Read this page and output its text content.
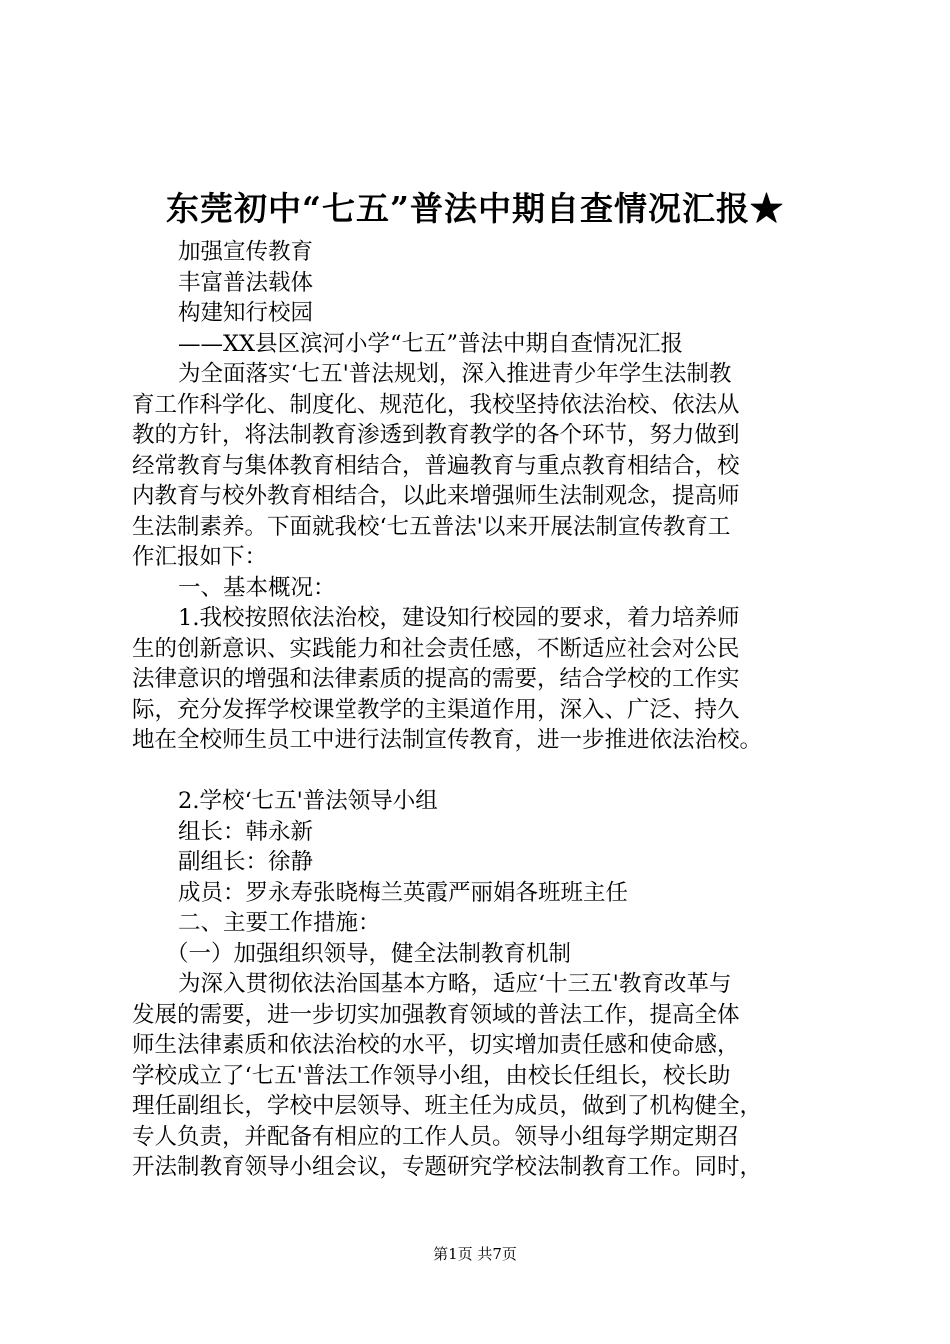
东莞初中“七五”普法中期自查情况汇报★
加强宣传教育
丰富普法载体
构建知行校园
——XX县区滨河小学“七五”普法中期自查情况汇报
为全面落实‘七五'普法规划，深入推进青少年学生法制教
育工作科学化、制度化、规范化，我校坚持依法治校、依法从
教的方针，将法制教育渗透到教育教学的各个环节，努力做到
经常教育与集体教育相结合，普遍教育与重点教育相结合，校
内教育与校外教育相结合，以此来增强师生法制观念，提高师
生法制素养。下面就我校‘七五普法'以来开展法制宣传教育工
作汇报如下：
一、基本概况：
1.我校按照依法治校，建设知行校园的要求，着力培养师
生的创新意识、实践能力和社会责任感，不断适应社会对公民
法律意识的增强和法律素质的提高的需要，结合学校的工作实
际，充分发挥学校课堂教学的主渠道作用，深入、广泛、持久
地在全校师生员工中进行法制宣传教育，进一步推进依法治校。
2.学校‘七五'普法领导小组
组长：韩永新
副组长：徐静
成员：罗永寿张晓梅兰英霞严丽娟各班班主任
二、主要工作措施：
（一）加强组织领导，健全法制教育机制
为深入贯彻依法治国基本方略，适应‘十三五'教育改革与
发展的需要，进一步切实加强教育领域的普法工作，提高全体
师生法律素质和依法治校的水平，切实增加责任感和使命感，
学校成立了‘七五'普法工作领导小组，由校长任组长，校长助
理任副组长，学校中层领导、班主任为成员，做到了机构健全，
专人负责，并配备有相应的工作人员。领导小组每学期定期召
开法制教育领导小组会议，专题研究学校法制教育工作。同时，
第1页 共7页
